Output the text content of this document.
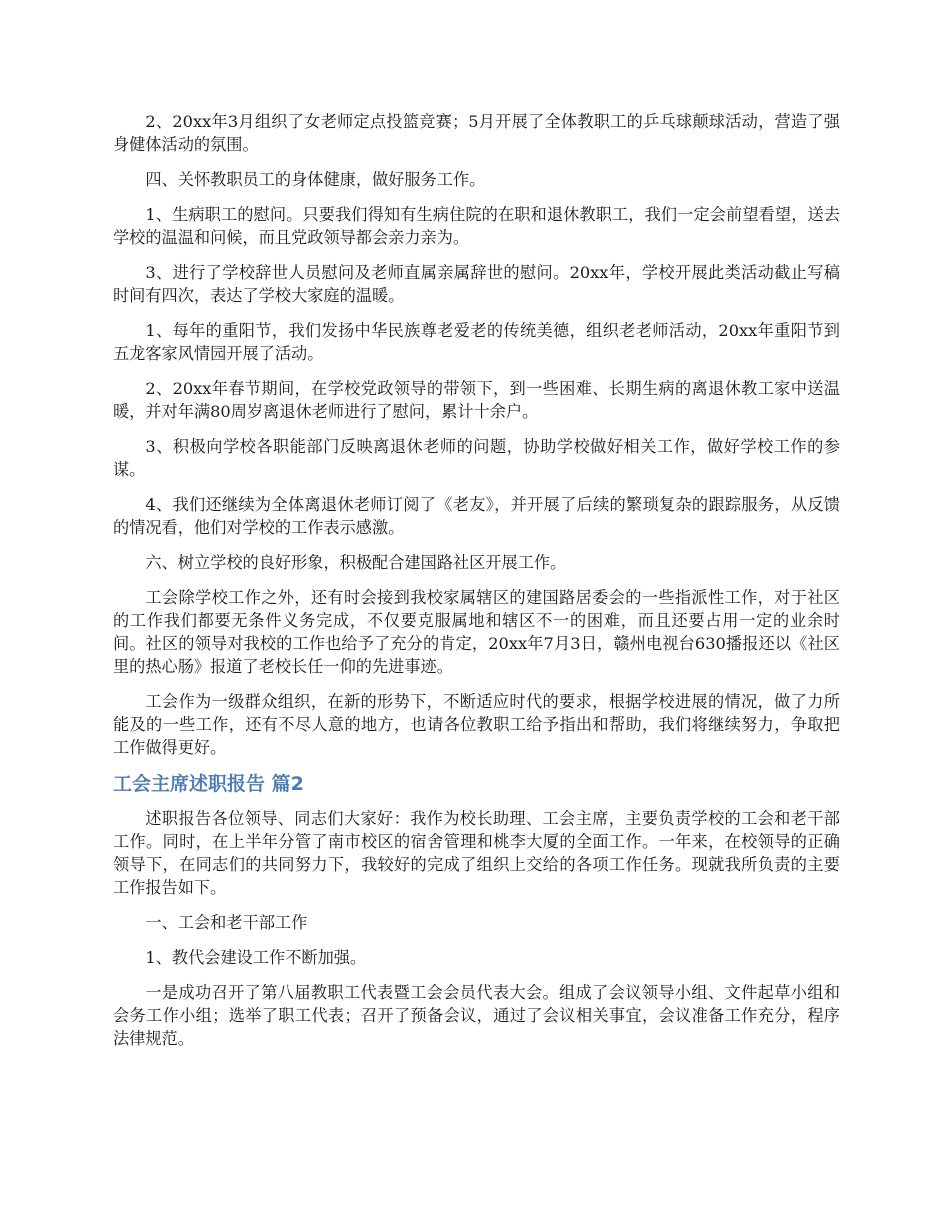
2、20xx年3月组织了女老师定点投篮竞赛；5月开展了全体教职工的乒乓球颠球活动，营造了强身健体活动的氛围。

四、关怀教职员工的身体健康，做好服务工作。

1、生病职工的慰问。只要我们得知有生病住院的在职和退休教职工，我们一定会前望看望，送去学校的温温和问候，而且党政领导都会亲力亲为。

3、进行了学校辞世人员慰问及老师直属亲属辞世的慰问。20xx年，学校开展此类活动截止写稿时间有四次，表达了学校大家庭的温暖。

1、每年的重阳节，我们发扬中华民族尊老爱老的传统美德，组织老老师活动，20xx年重阳节到五龙客家风情园开展了活动。

2、20xx年春节期间，在学校党政领导的带领下，到一些困难、长期生病的离退休教工家中送温暖，并对年满80周岁离退休老师进行了慰问，累计十余户。

3、积极向学校各职能部门反映离退休老师的问题，协助学校做好相关工作，做好学校工作的参谋。

4、我们还继续为全体离退休老师订阅了《老友》，并开展了后续的繁琐复杂的跟踪服务，从反馈的情况看，他们对学校的工作表示感激。

六、树立学校的良好形象，积极配合建国路社区开展工作。

工会除学校工作之外，还有时会接到我校家属辖区的建国路居委会的一些指派性工作，对于社区的工作我们都要无条件义务完成，不仅要克服属地和辖区不一的困难，而且还要占用一定的业余时间。社区的领导对我校的工作也给予了充分的肯定，20xx年7月3日，赣州电视台630播报还以《社区里的热心肠》报道了老校长任一仰的先进事迹。

工会作为一级群众组织，在新的形势下，不断适应时代的要求，根据学校进展的情况，做了力所能及的一些工作，还有不尽人意的地方，也请各位教职工给予指出和帮助，我们将继续努力，争取把工作做得更好。

工会主席述职报告 篇2

述职报告各位领导、同志们大家好：我作为校长助理、工会主席，主要负责学校的工会和老干部工作。同时，在上半年分管了南市校区的宿舍管理和桃李大厦的全面工作。一年来，在校领导的正确领导下，在同志们的共同努力下，我较好的完成了组织上交给的各项工作任务。现就我所负责的主要工作报告如下。

一、工会和老干部工作

1、教代会建设工作不断加强。

一是成功召开了第八届教职工代表暨工会会员代表大会。组成了会议领导小组、文件起草小组和会务工作小组；选举了职工代表；召开了预备会议，通过了会议相关事宜，会议准备工作充分，程序法律规范。
